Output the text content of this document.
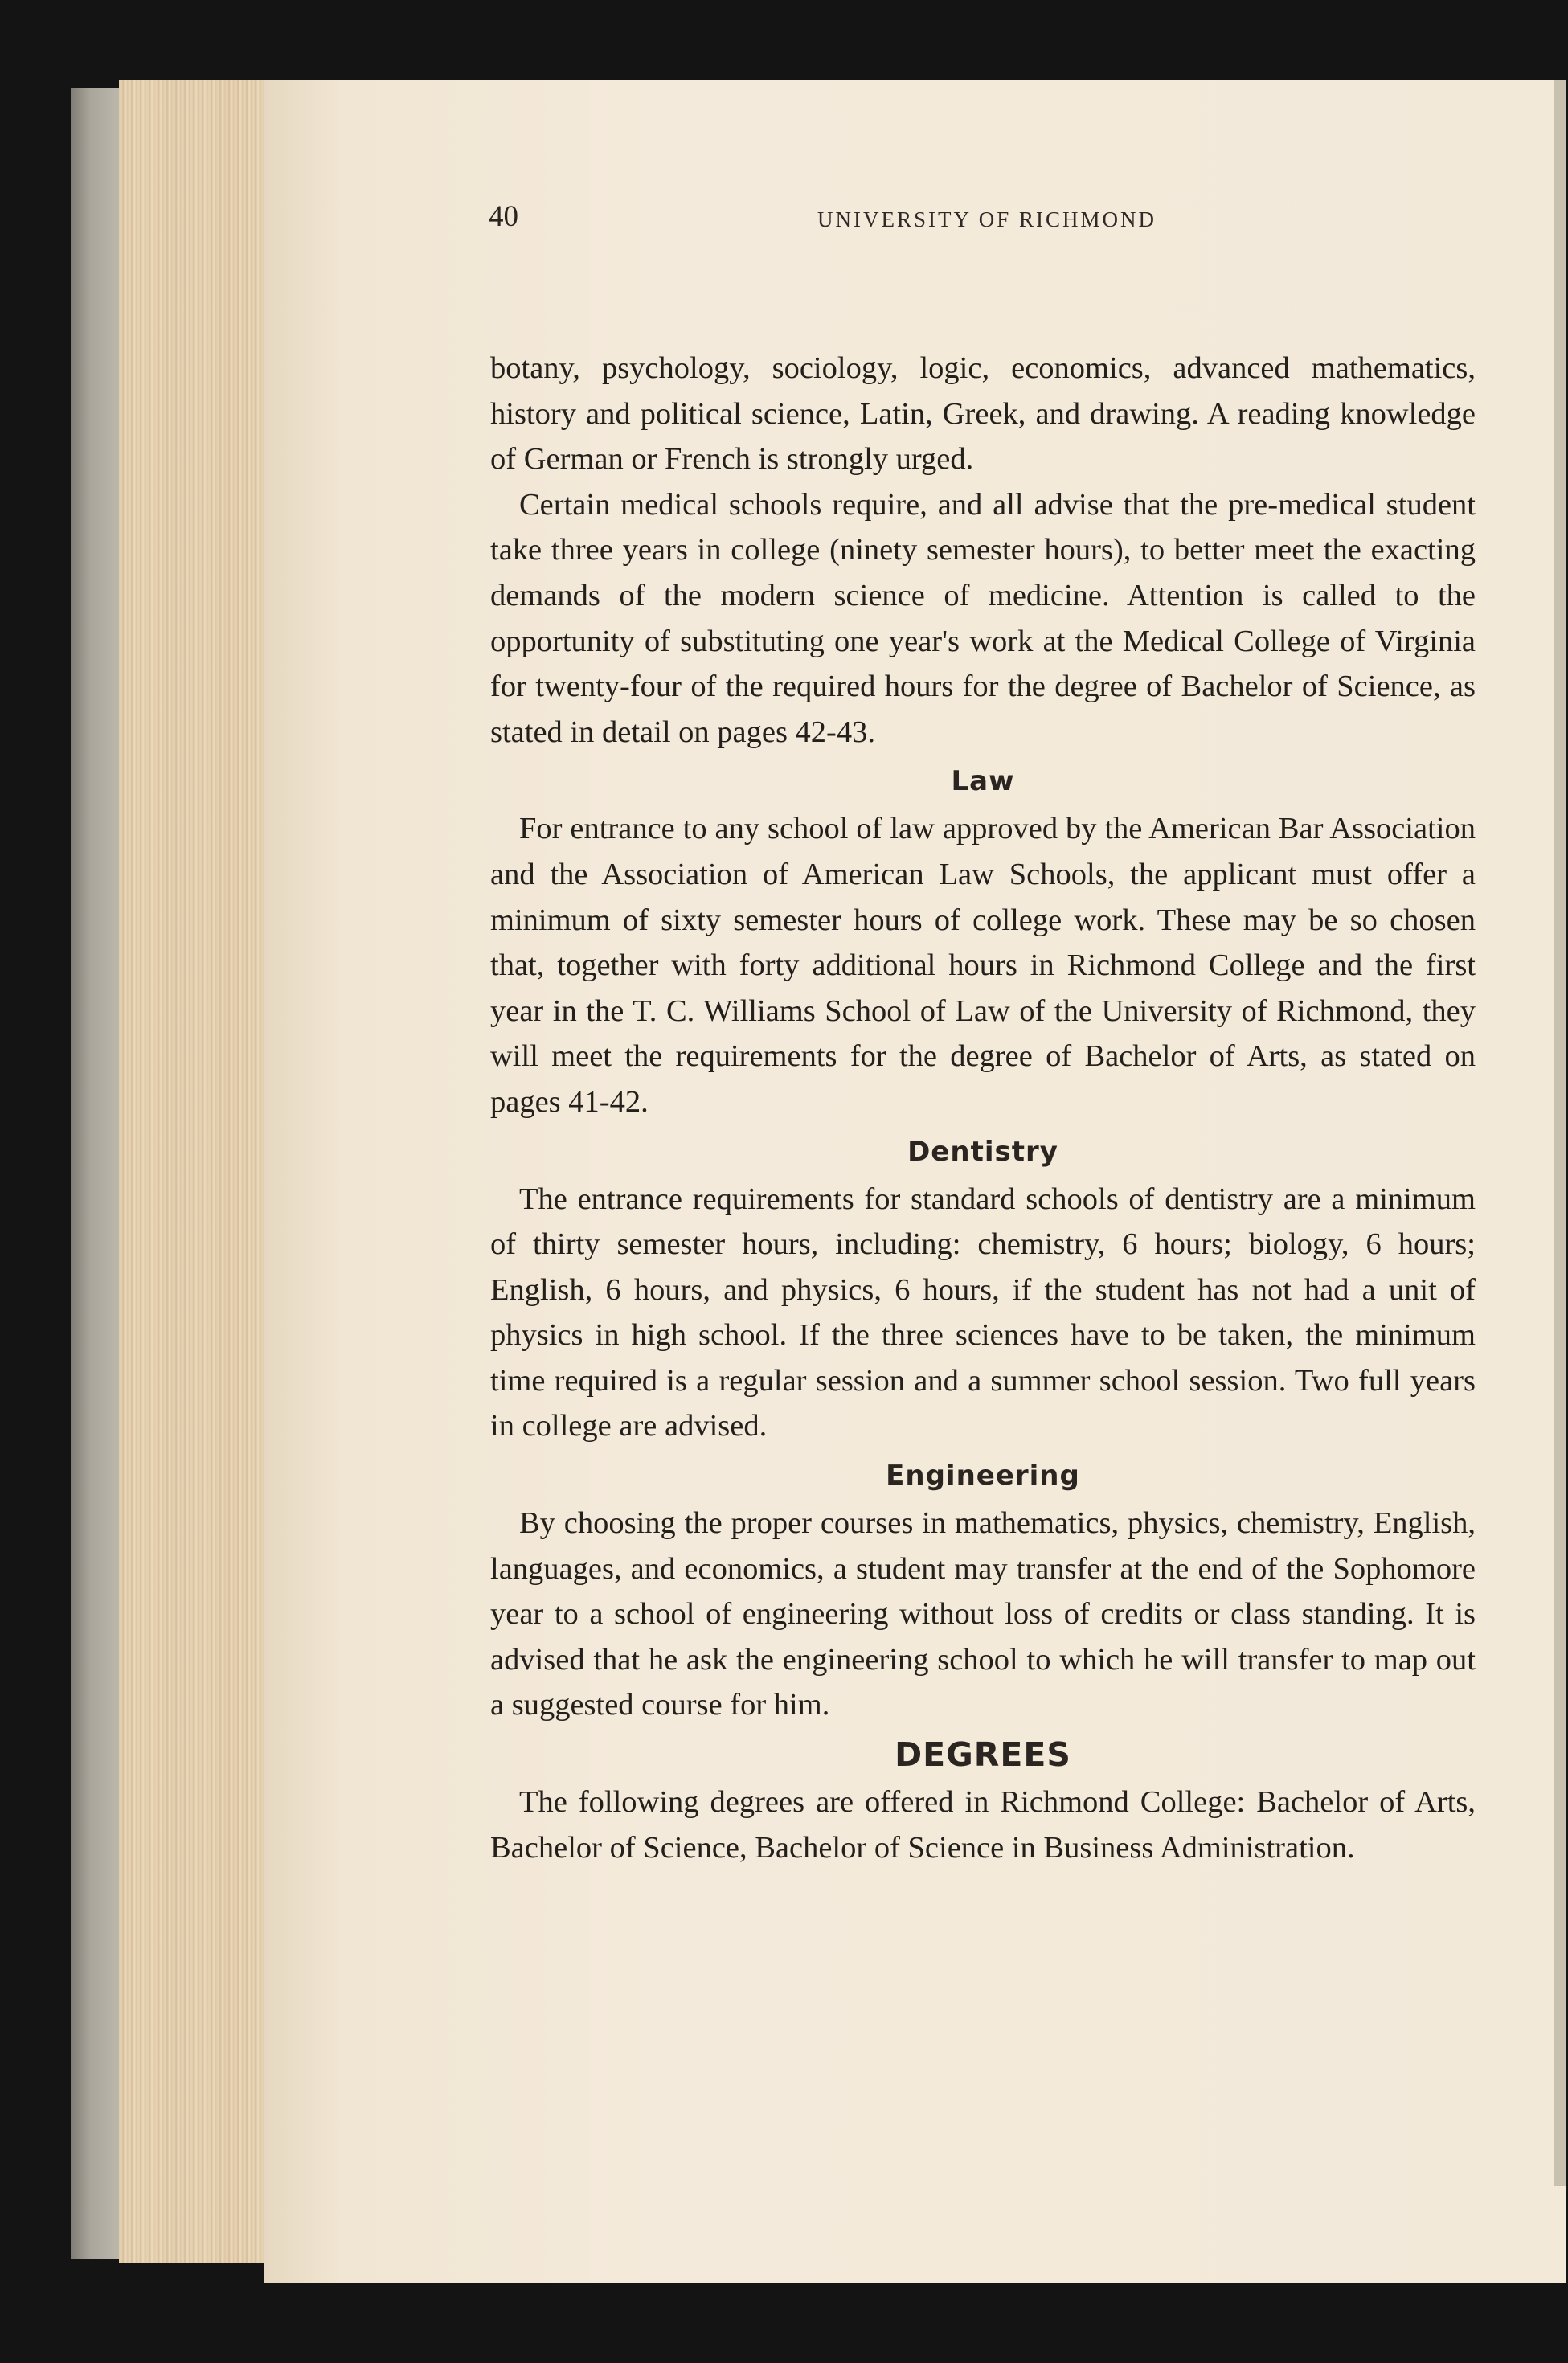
40	UNIVERSITY OF RICHMOND

botany, psychology, sociology, logic, economics, advanced mathematics, history and political science, Latin, Greek, and drawing. A reading knowledge of German or French is strongly urged.

Certain medical schools require, and all advise that the pre-medical student take three years in college (ninety semester hours), to better meet the exacting demands of the modern science of medicine. Attention is called to the opportunity of substituting one year's work at the Medical College of Virginia for twenty-four of the required hours for the degree of Bachelor of Science, as stated in detail on pages 42-43.

Law

For entrance to any school of law approved by the American Bar Association and the Association of American Law Schools, the applicant must offer a minimum of sixty semester hours of college work. These may be so chosen that, together with forty additional hours in Richmond College and the first year in the T. C. Williams School of Law of the University of Richmond, they will meet the requirements for the degree of Bachelor of Arts, as stated on pages 41-42.

Dentistry

The entrance requirements for standard schools of dentistry are a minimum of thirty semester hours, including: chemistry, 6 hours; biology, 6 hours; English, 6 hours, and physics, 6 hours, if the student has not had a unit of physics in high school. If the three sciences have to be taken, the minimum time required is a regular session and a summer school session. Two full years in college are advised.

Engineering

By choosing the proper courses in mathematics, physics, chemistry, English, languages, and economics, a student may transfer at the end of the Sophomore year to a school of engineering without loss of credits or class standing. It is advised that he ask the engineering school to which he will transfer to map out a suggested course for him.

DEGREES

The following degrees are offered in Richmond College: Bachelor of Arts, Bachelor of Science, Bachelor of Science in Business Administration.
